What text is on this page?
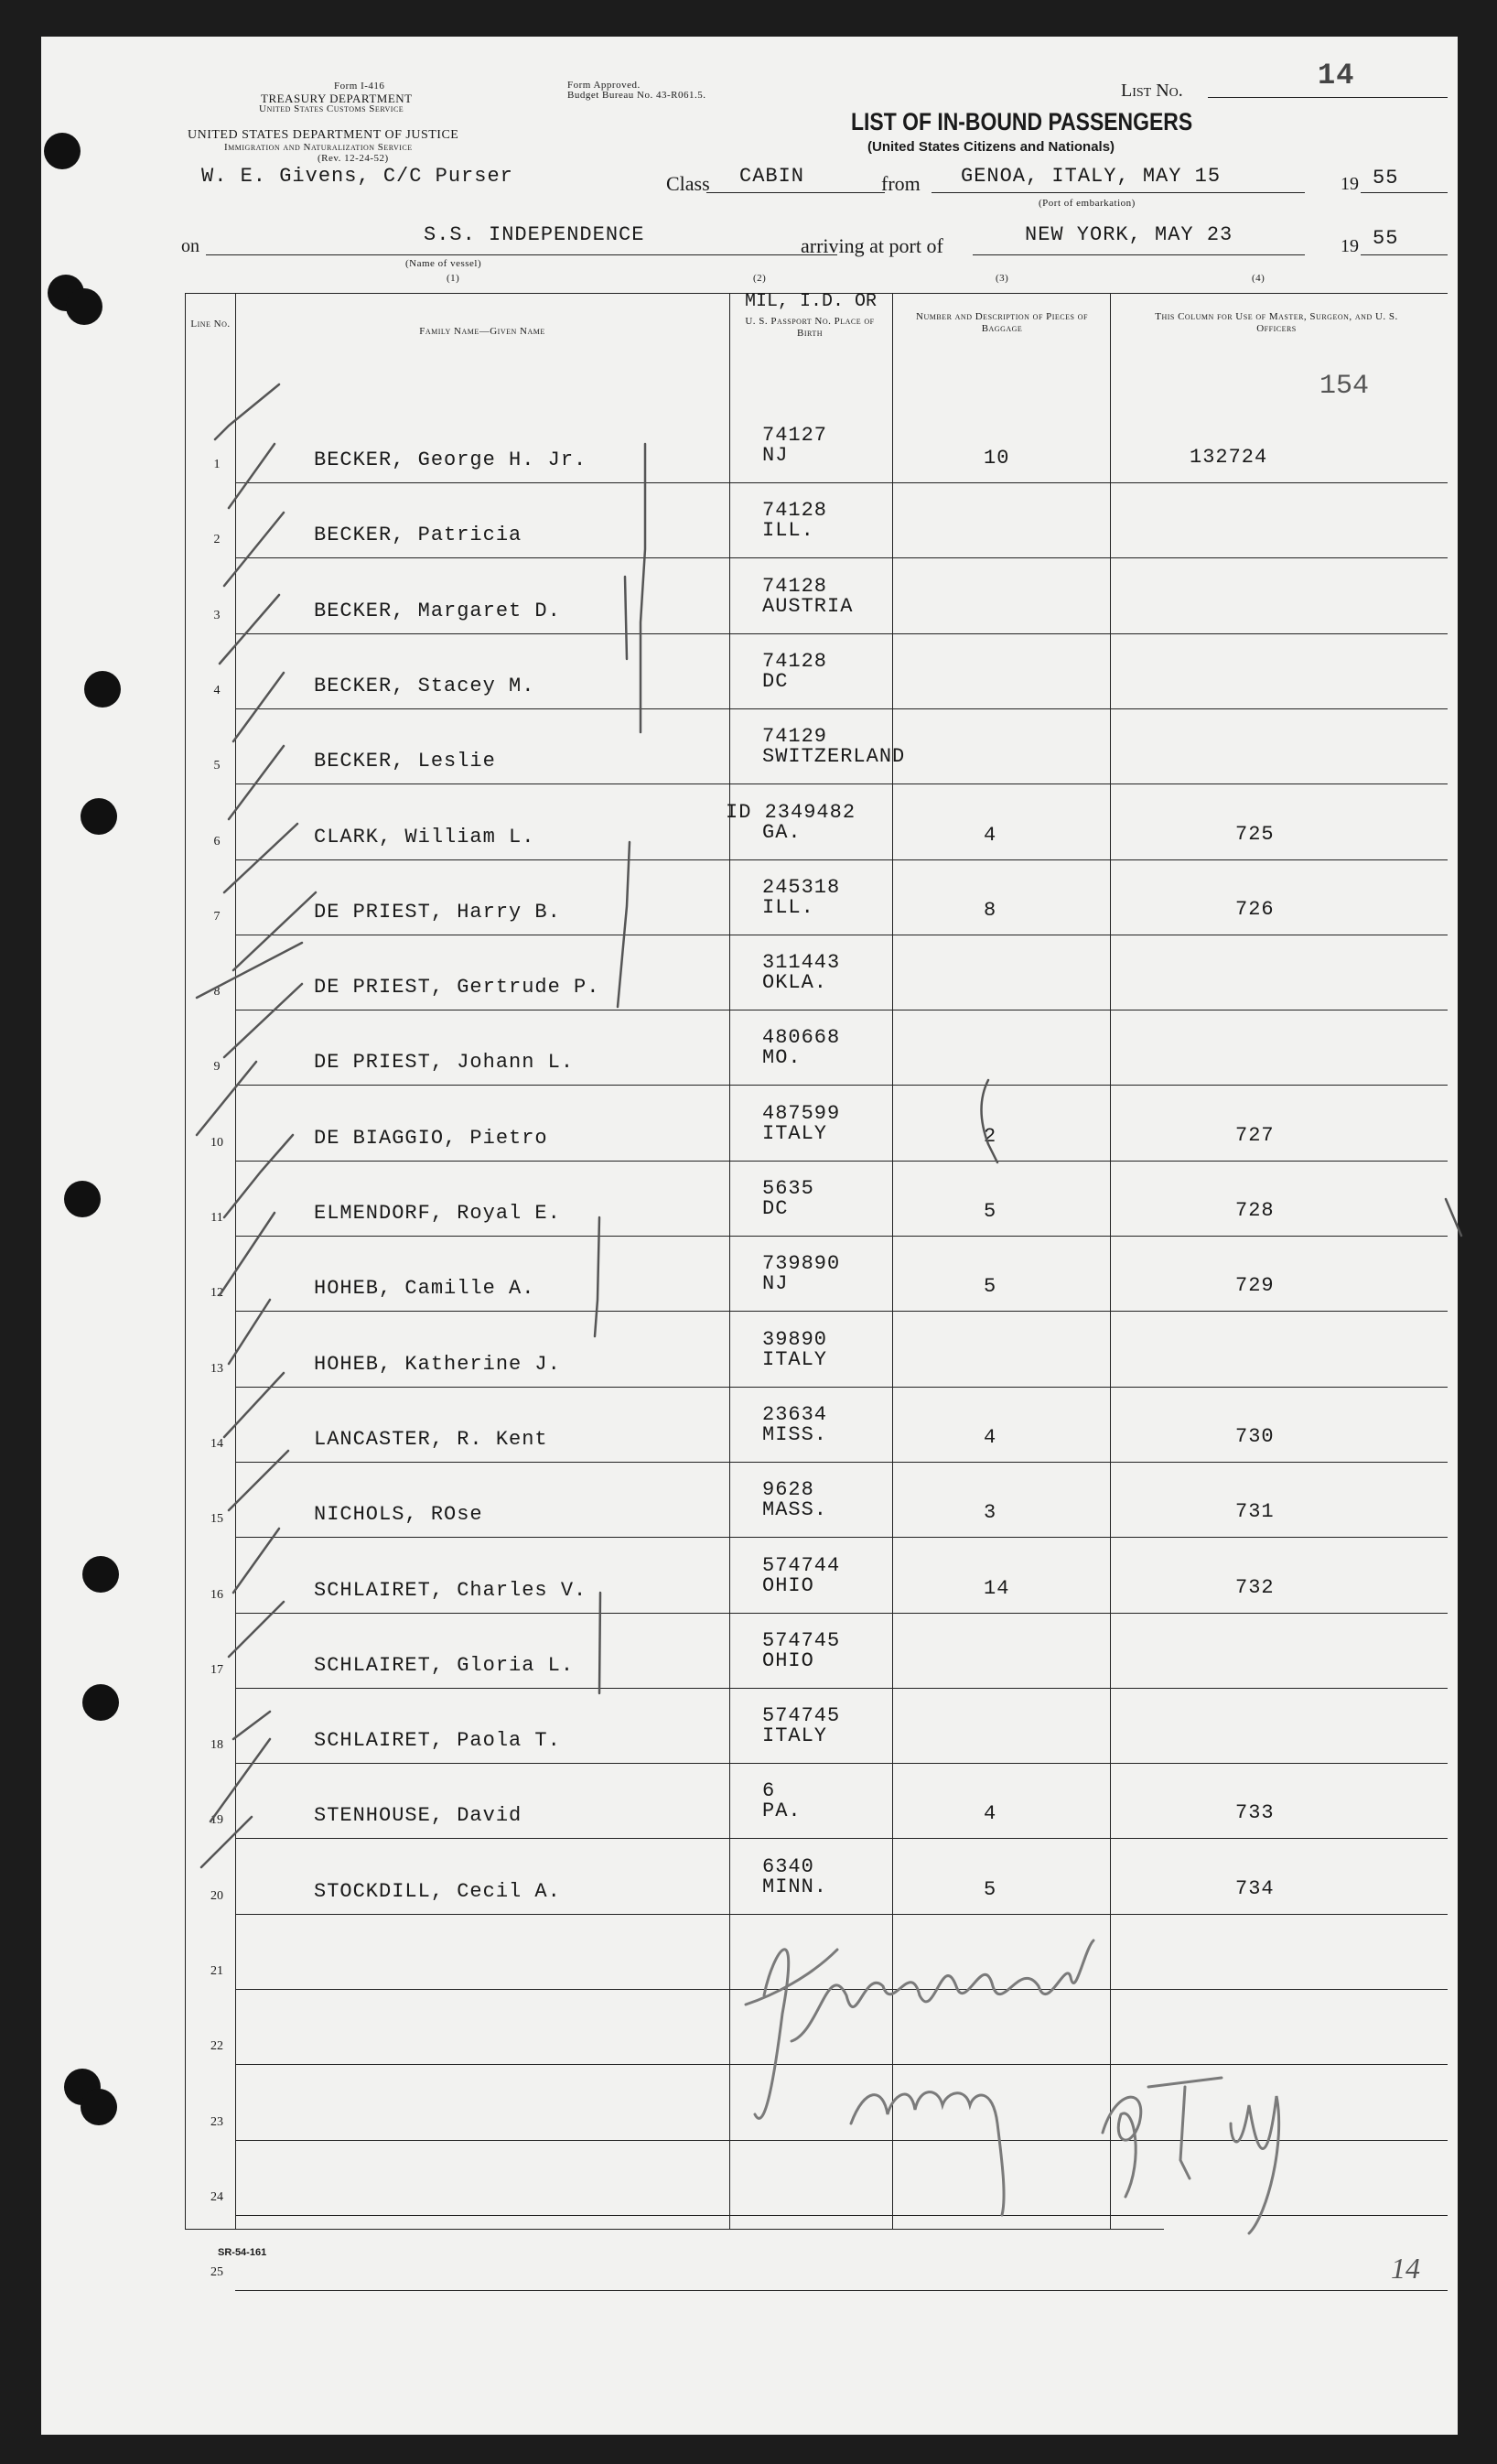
Form I-416
TREASURY DEPARTMENT
United States Customs Service
Form Approved.
Budget Bureau No. 43-R061.5.
UNITED STATES DEPARTMENT OF JUSTICE
Immigration and Naturalization Service
(Rev. 12-24-52)
W. E. Givens, C/C Purser
List No.	14
LIST OF IN-BOUND PASSENGERS
(United States Citizens and Nationals)
Class CABIN	from GENOA, ITALY, MAY 15
(Port of embarkation)
19 55
on	S.S. INDEPENDENCE
(Name of vessel)
(1)
arriving at port of	NEW YORK, MAY 23	19 55
(2)	(3)	(4)
Line No.
Family Name—Given Name
MIL, I.D. OR
U. S. Passport No. Place of Birth
Number and Description of Pieces of Baggage
This Column for Use of Master, Surgeon, and U. S. Officers
154
1	BECKER, George H. Jr.
74127
NJ	10	132724
2	BECKER, Patricia
74128
ILL.
3	BECKER, Margaret D.
74128
AUSTRIA
4	BECKER, Stacey M.
74128
DC
5	BECKER, Leslie
74129
SWITZERLAND
6	CLARK, William L.
ID 2349482
GA.	4	725
7	DE PRIEST, Harry B.
245318
ILL.	8	726
8	DE PRIEST, Gertrude P.
311443
OKLA.
9	DE PRIEST, Johann L.
480668
MO.
10	DE BIAGGIO, Pietro
487599
ITALY	2	727
11	ELMENDORF, Royal E.
5635
DC	5	728
12	HOHEB, Camille A.
739890
NJ	5	729
13	HOHEB, Katherine J.
39890
ITALY
14	LANCASTER, R. Kent
23634
MISS.	4	730
15	NICHOLS, ROse
9628
MASS.	3	731
16	SCHLAIRET, Charles V.
574744
OHIO	14	732
17	SCHLAIRET, Gloria L.
574745
OHIO
18	SCHLAIRET, Paola T.
574745
ITALY
19	STENHOUSE, David
6
PA.	4	733
20	STOCKDILL, Cecil A.
6340
MINN.	5	734
21
22
23
24
25
SR-54-161	14
J.H. Saunders Imm. Insp. 9th Div
